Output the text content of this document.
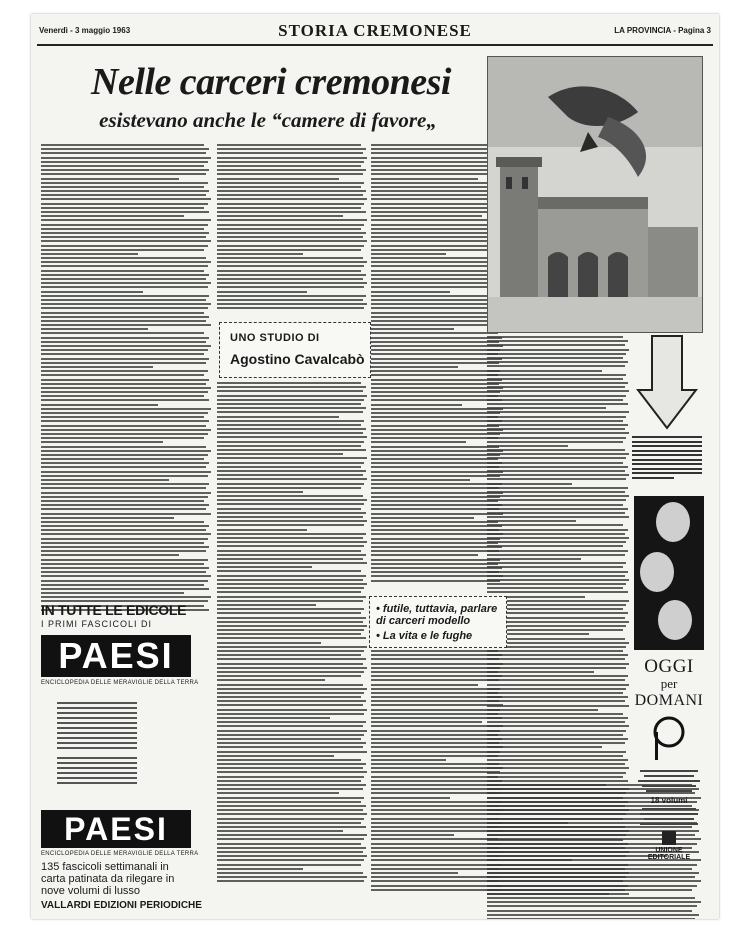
Venerdì - 3 maggio 1963	STORIA CREMONESE	LA PROVINCIA - Pagina 3
Nelle carceri cremonesi
esistevano anche le “camere di favore„
UNO STUDIO DI
Agostino Cavalcabò
• futile, tuttavia, parlare di carceri modello
• La vita e le fughe
IN TUTTE LE EDICOLE
I PRIMI FASCICOLI DI
PAESI
ENCICLOPEDIA DELLE MERAVIGLIE DELLA TERRA
PAESI
ENCICLOPEDIA DELLE MERAVIGLIE DELLA TERRA
135 fascicoli settimanali in carta patinata da rilegare in nove volumi di lusso
VALLARDI EDIZIONI PERIODICHE
OGGI
per
DOMANI
18 volumi
UNIONE EDITORIALE
